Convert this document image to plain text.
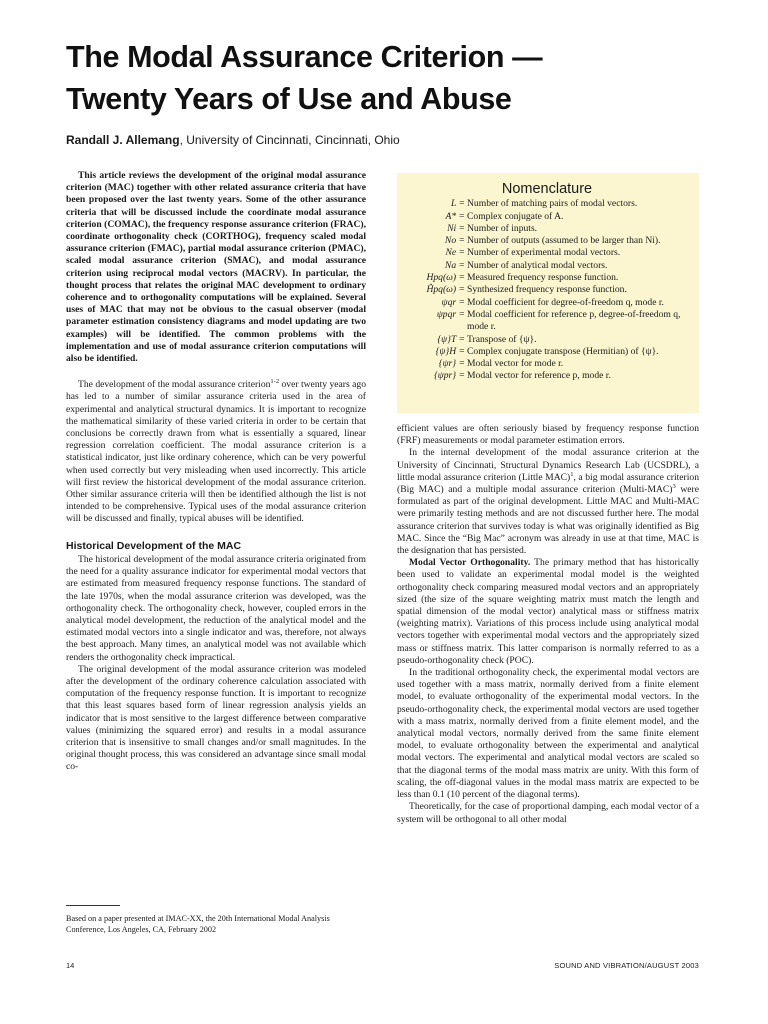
The Modal Assurance Criterion —
Twenty Years of Use and Abuse

Randall J. Allemang, University of Cincinnati, Cincinnati, Ohio

This article reviews the development of the original modal assurance criterion (MAC) together with other related assurance criteria that have been proposed over the last twenty years. Some of the other assurance criteria that will be discussed include the coordinate modal assurance criterion (COMAC), the frequency response assurance criterion (FRAC), coordinate orthogonality check (CORTHOG), frequency scaled modal assurance criterion (FMAC), partial modal assurance criterion (PMAC), scaled modal assurance criterion (SMAC), and modal assurance criterion using reciprocal modal vectors (MACRV). In particular, the thought process that relates the original MAC development to ordinary coherence and to orthogonality computations will be explained. Several uses of MAC that may not be obvious to the casual observer (modal parameter estimation consistency diagrams and model updating are two examples) will be identified. The common problems with the implementation and use of modal assurance criterion computations will also be identified.

The development of the modal assurance criterion$^{1-2}$ over twenty years ago has led to a number of similar assurance criteria used in the area of experimental and analytical structural dynamics. It is important to recognize the mathematical similarity of these varied criteria in order to be certain that conclusions be correctly drawn from what is essentially a squared, linear regression correlation coefficient. The modal assurance criterion is a statistical indicator, just like ordinary coherence, which can be very powerful when used correctly but very misleading when used incorrectly. This article will first review the historical development of the modal assurance criterion. Other similar assurance criteria will then be identified although the list is not intended to be comprehensive. Typical uses of the modal assurance criterion will be discussed and finally, typical abuses will be identified.

Historical Development of the MAC

The historical development of the modal assurance criteria originated from the need for a quality assurance indicator for experimental modal vectors that are estimated from measured frequency response functions. The standard of the late 1970s, when the modal assurance criterion was developed, was the orthogonality check. The orthogonality check, however, coupled errors in the analytical model development, the reduction of the analytical model and the estimated modal vectors into a single indicator and was, therefore, not always the best approach. Many times, an analytical model was not available which renders the orthogonality check impractical.

The original development of the modal assurance criterion was modeled after the development of the ordinary coherence calculation associated with computation of the frequency response function. It is important to recognize that this least squares based form of linear regression analysis yields an indicator that is most sensitive to the largest difference between comparative values (minimizing the squared error) and results in a modal assurance criterion that is insensitive to small changes and/or small magnitudes. In the original thought process, this was considered an advantage since small modal co-

Nomenclature
L = Number of matching pairs of modal vectors.
A* = Complex conjugate of A.
Ni = Number of inputs.
No = Number of outputs (assumed to be larger than Ni).
Ne = Number of experimental modal vectors.
Na = Number of analytical modal vectors.
Hpq(ω) = Measured frequency response function.
Ĥpq(ω) = Synthesized frequency response function.
ψqr = Modal coefficient for degree-of-freedom q, mode r.
ψpqr = Modal coefficient for reference p, degree-of-freedom q, mode r.
{ψ}T = Transpose of {ψ}.
{ψ}H = Complex conjugate transpose (Hermitian) of {ψ}.
{ψr} = Modal vector for mode r.
{ψpr} = Modal vector for reference p, mode r.

efficient values are often seriously biased by frequency response function (FRF) measurements or modal parameter estimation errors.

In the internal development of the modal assurance criterion at the University of Cincinnati, Structural Dynamics Research Lab (UCSDRL), a little modal assurance criterion (Little MAC)$^1$, a big modal assurance criterion (Big MAC) and a multiple modal assurance criterion (Multi-MAC)$^3$ were formulated as part of the original development. Little MAC and Multi-MAC were primarily testing methods and are not discussed further here. The modal assurance criterion that survives today is what was originally identified as Big MAC. Since the “Big Mac” acronym was already in use at that time, MAC is the designation that has persisted.

Modal Vector Orthogonality. The primary method that has historically been used to validate an experimental modal model is the weighted orthogonality check comparing measured modal vectors and an appropriately sized (the size of the square weighting matrix must match the length and spatial dimension of the modal vector) analytical mass or stiffness matrix (weighting matrix). Variations of this process include using analytical modal vectors together with experimental modal vectors and the appropriately sized mass or stiffness matrix. This latter comparison is normally referred to as a pseudo-orthogonality check (POC).

In the traditional orthogonality check, the experimental modal vectors are used together with a mass matrix, normally derived from a finite element model, to evaluate orthogonality of the experimental modal vectors. In the pseudo-orthogonality check, the experimental modal vectors are used together with a mass matrix, normally derived from a finite element model, and the analytical modal vectors, normally derived from the same finite element model, to evaluate orthogonality between the experimental and analytical modal vectors. The experimental and analytical modal vectors are scaled so that the diagonal terms of the modal mass matrix are unity. With this form of scaling, the off-diagonal values in the modal mass matrix are expected to be less than 0.1 (10 percent of the diagonal terms).

Theoretically, for the case of proportional damping, each modal vector of a system will be orthogonal to all other modal

Based on a paper presented at IMAC-XX, the 20th International Modal Analysis Conference, Los Angeles, CA, February 2002
14	SOUND AND VIBRATION/AUGUST 2003
